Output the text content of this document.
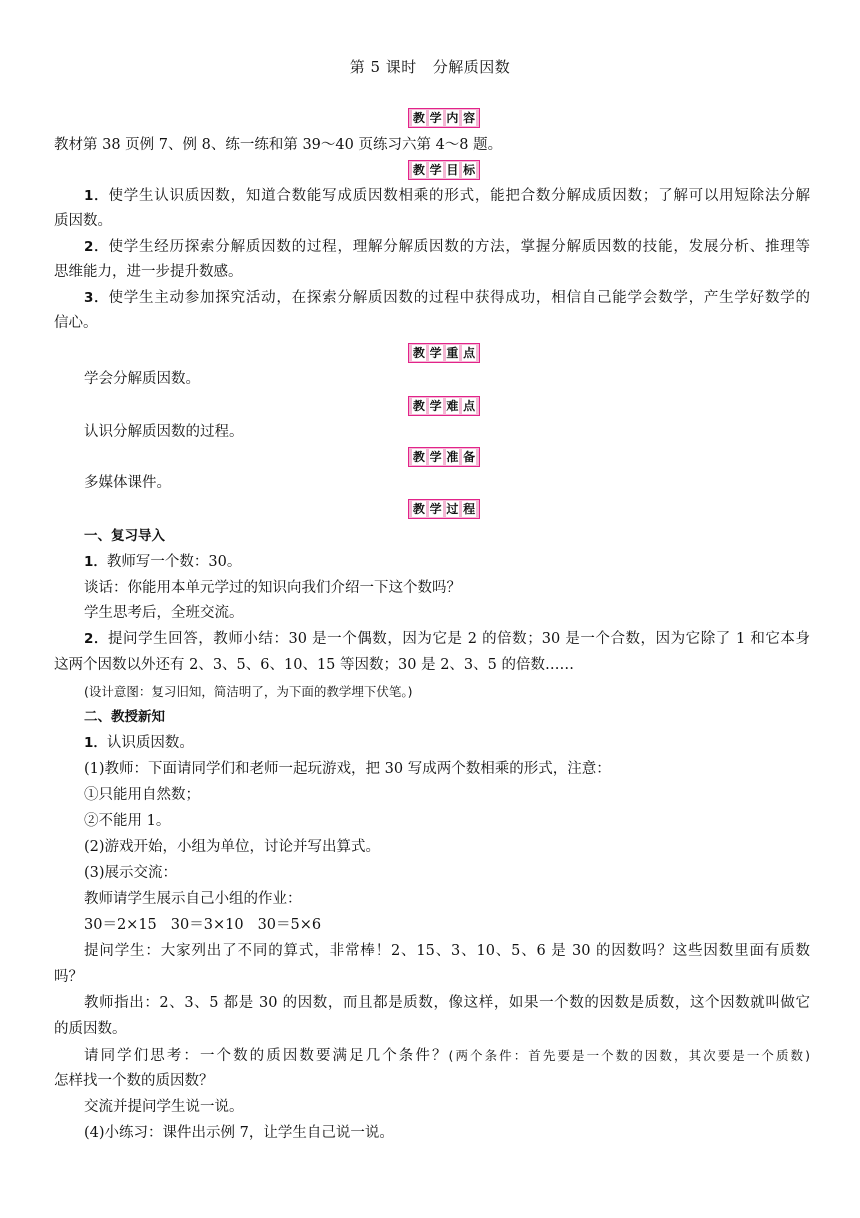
第 5 课时 分解质因数
教 学 内 容
教材第 38 页例 7、例 8、练一练和第 39～40 页练习六第 4～8 题。
教 学 目 标
1．使学生认识质因数，知道合数能写成质因数相乘的形式，能把合数分解成质因数；了解可以用短除法分解
质因数。
2．使学生经历探索分解质因数的过程，理解分解质因数的方法，掌握分解质因数的技能，发展分析、推理等
思维能力，进一步提升数感。
3．使学生主动参加探究活动，在探索分解质因数的过程中获得成功，相信自己能学会数学，产生学好数学的
信心。
教 学 重 点
学会分解质因数。
教 学 难 点
认识分解质因数的过程。
教 学 准 备
多媒体课件。
教 学 过 程
一、复习导入
1．教师写一个数：30。
谈话：你能用本单元学过的知识向我们介绍一下这个数吗？
学生思考后，全班交流。
2．提问学生回答，教师小结：30 是一个偶数，因为它是 2 的倍数；30 是一个合数，因为它除了 1 和它本身
这两个因数以外还有 2、3、5、6、10、15 等因数；30 是 2、3、5 的倍数……
(设计意图：复习旧知，简洁明了，为下面的教学埋下伏笔。)
二、教授新知
1．认识质因数。
(1)教师：下面请同学们和老师一起玩游戏，把 30 写成两个数相乘的形式，注意：
①只能用自然数；
②不能用 1。
(2)游戏开始，小组为单位，讨论并写出算式。
(3)展示交流：
教师请学生展示自己小组的作业：
30＝2×15 30＝3×10 30＝5×6
提问学生：大家列出了不同的算式，非常棒！2、15、3、10、5、6 是 30 的因数吗？这些因数里面有质数
吗？
教师指出：2、3、5 都是 30 的因数，而且都是质数，像这样，如果一个数的因数是质数，这个因数就叫做它
的质因数。
请同学们思考：一个数的质因数要满足几个条件？(两个条件：首先要是一个数的因数，其次要是一个质数)
怎样找一个数的质因数？
交流并提问学生说一说。
(4)小练习：课件出示例 7，让学生自己说一说。
